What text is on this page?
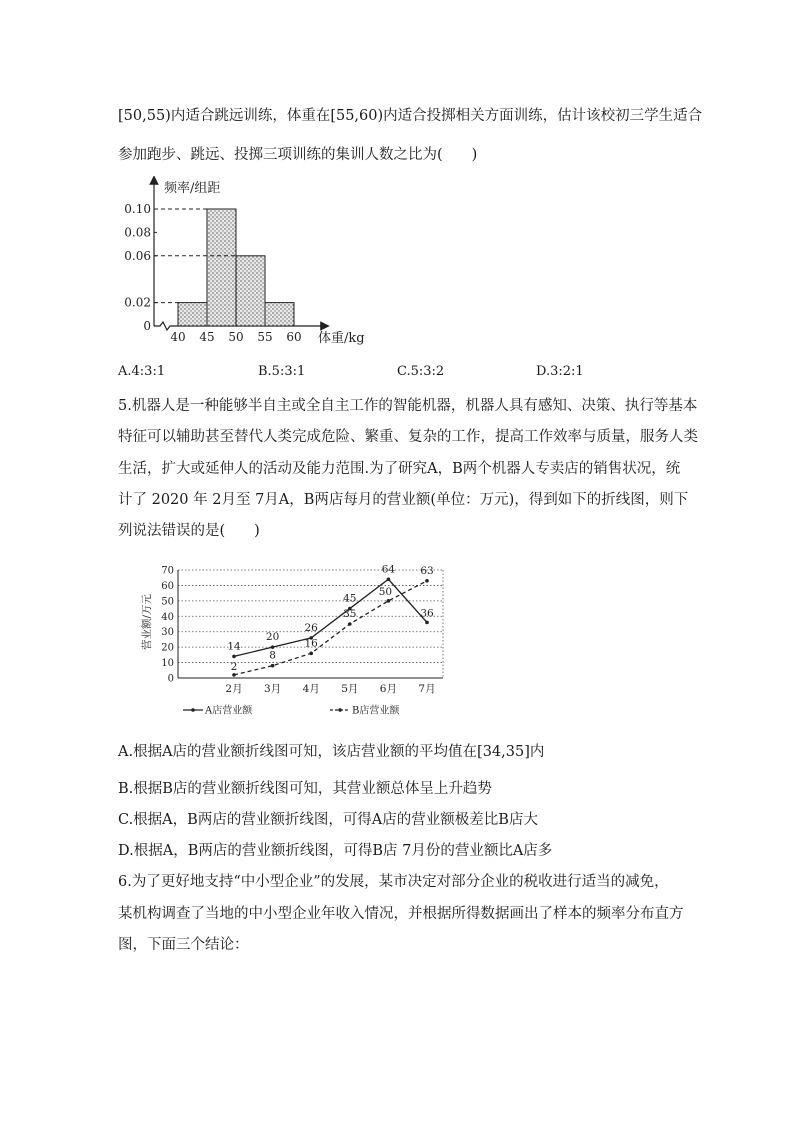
[50,55)内适合跳远训练，体重在[55,60)内适合投掷相关方面训练，估计该校初三学生适合
参加跑步、跳远、投掷三项训练的集训人数之比为(　　)
0
0.02
0.06
0.08
0.10
40 45 50 55 60
频率/组距
体重/kg
A.4:3:1	B.5:3:1	C.5:3:2	D.3:2:1
5.机器人是一种能够半自主或全自主工作的智能机器，机器人具有感知、决策、执行等基本
特征可以辅助甚至替代人类完成危险、繁重、复杂的工作，提高工作效率与质量，服务人类
生活，扩大或延伸人的活动及能力范围.为了研究A，B两个机器人专卖店的销售状况，统
计了 2020 年 2月至 7月A，B两店每月的营业额(单位：万元)，得到如下的折线图，则下
列说法错误的是(　　)
0
10
20
30
40
50
60
70
2月 3月 4月 5月 6月 7月
营业额/万元	14
20
26
45
64
36
2
8
16
35
50
63
A店营业额	B店营业额
A.根据A店的营业额折线图可知，该店营业额的平均值在[34,35]内
B.根据B店的营业额折线图可知，其营业额总体呈上升趋势
C.根据A，B两店的营业额折线图，可得A店的营业额极差比B店大
D.根据A，B两店的营业额折线图，可得B店 7月份的营业额比A店多
6.为了更好地支持“中小型企业”的发展，某市决定对部分企业的税收进行适当的减免，
某机构调查了当地的中小型企业年收入情况，并根据所得数据画出了样本的频率分布直方
图，下面三个结论：
